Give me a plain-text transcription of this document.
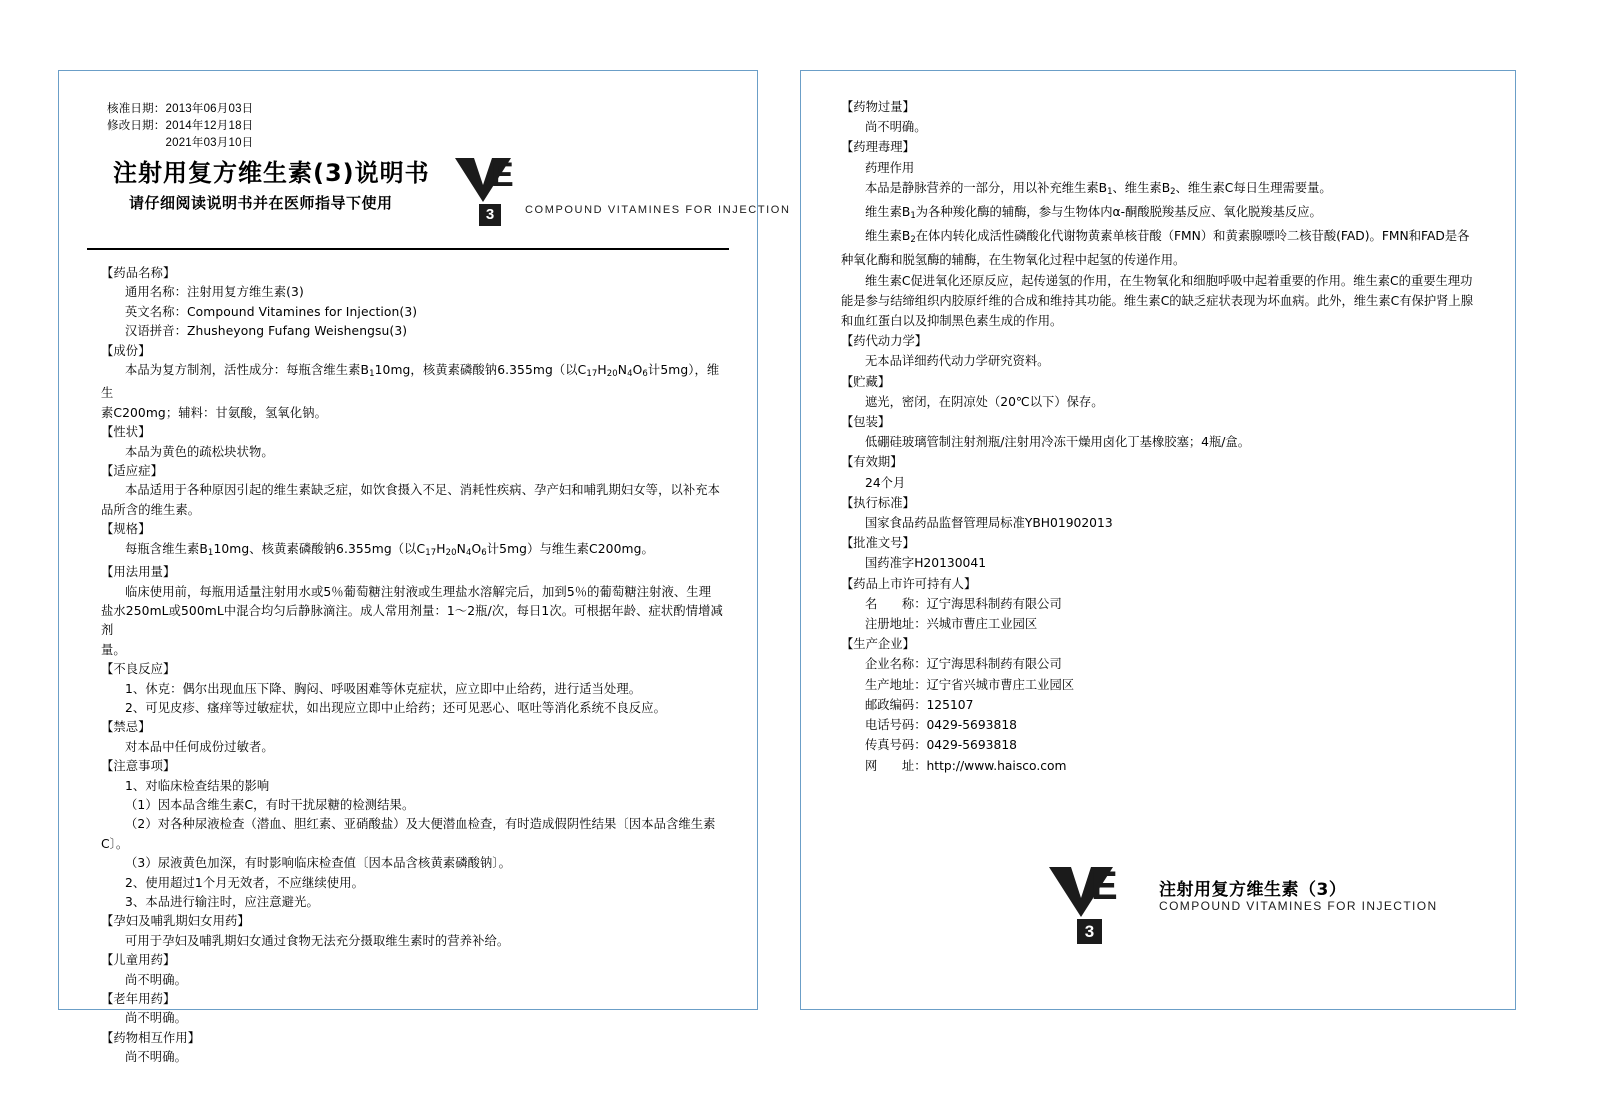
核准日期：2013年06月03日
修改日期：2014年12月18日
　　　　　2021年03月10日
注射用复方维生素(3)说明书
请仔细阅读说明书并在医师指导下使用
E
3	COMPOUND VITAMINES FOR INJECTION
【药品名称】
通用名称：注射用复方维生素(3)
英文名称：Compound Vitamines for Injection(3)
汉语拼音：Zhusheyong Fufang Weishengsu(3)
【成份】
本品为复方制剂，活性成分：每瓶含维生素$B_110mg$，核黄素磷酸钠6.355mg（以$C_{17}H_{20}N_4O_6$计5mg），维生
素C200mg；辅料：甘氨酸，氢氧化钠。
【性状】
本品为黄色的疏松块状物。
【适应症】
本品适用于各种原因引起的维生素缺乏症，如饮食摄入不足、消耗性疾病、孕产妇和哺乳期妇女等，以补充本
品所含的维生素。
【规格】
每瓶含维生素$B_110mg$、核黄素磷酸钠6.355mg（以$C_{17}H_{20}N_4O_6$计5mg）与维生素C200mg。
【用法用量】
临床使用前，每瓶用适量注射用水或5％葡萄糖注射液或生理盐水溶解完后，加到5％的葡萄糖注射液、生理
盐水250mL或500mL中混合均匀后静脉滴注。成人常用剂量：1～2瓶/次，每日1次。可根据年龄、症状酌情增减剂
量。
【不良反应】
1、休克：偶尔出现血压下降、胸闷、呼吸困难等休克症状，应立即中止给药，进行适当处理。
2、可见皮疹、瘙痒等过敏症状，如出现应立即中止给药；还可见恶心、呕吐等消化系统不良反应。
【禁忌】
对本品中任何成份过敏者。
【注意事项】
1、对临床检查结果的影响
（1）因本品含维生素C，有时干扰尿糖的检测结果。
（2）对各种尿液检查（潜血、胆红素、亚硝酸盐）及大便潜血检查，有时造成假阴性结果〔因本品含维生素
C〕。
（3）尿液黄色加深，有时影响临床检查值〔因本品含核黄素磷酸钠〕。
2、使用超过1个月无效者，不应继续使用。
3、本品进行输注时，应注意避光。
【孕妇及哺乳期妇女用药】
可用于孕妇及哺乳期妇女通过食物无法充分摄取维生素时的营养补给。
【儿童用药】
尚不明确。
【老年用药】
尚不明确。
【药物相互作用】
尚不明确。
【药物过量】
尚不明确。
【药理毒理】
药理作用
本品是静脉营养的一部分，用以补充维生素$B_1$、维生素$B_2$、维生素C每日生理需要量。
维生素$B_1$为各种羧化酶的辅酶，参与生物体内α-酮酸脱羧基反应、氧化脱羧基反应。
维生素$B_2$在体内转化成活性磷酸化代谢物黄素单核苷酸（FMN）和黄素腺嘌呤二核苷酸(FAD)。FMN和FAD是各
种氧化酶和脱氢酶的辅酶，在生物氧化过程中起氢的传递作用。
维生素C促进氧化还原反应，起传递氢的作用，在生物氧化和细胞呼吸中起着重要的作用。维生素C的重要生理功
能是参与结缔组织内胶原纤维的合成和维持其功能。维生素C的缺乏症状表现为坏血病。此外，维生素C有保护肾上腺
和血红蛋白以及抑制黑色素生成的作用。
【药代动力学】
无本品详细药代动力学研究资料。
【贮藏】
遮光，密闭，在阴凉处（20℃以下）保存。
【包装】
低硼硅玻璃管制注射剂瓶/注射用冷冻干燥用卤化丁基橡胶塞；4瓶/盒。
【有效期】
24个月
【执行标准】
国家食品药品监督管理局标准YBH01902013
【批准文号】
国药准字H20130041
【药品上市许可持有人】
名　　称：辽宁海思科制药有限公司
注册地址：兴城市曹庄工业园区
【生产企业】
企业名称：辽宁海思科制药有限公司
生产地址：辽宁省兴城市曹庄工业园区
邮政编码：125107
电话号码：0429-5693818
传真号码：0429-5693818
网　　址：http://www.haisco.com
E
3
注射用复方维生素（3）
COMPOUND VITAMINES FOR INJECTION
